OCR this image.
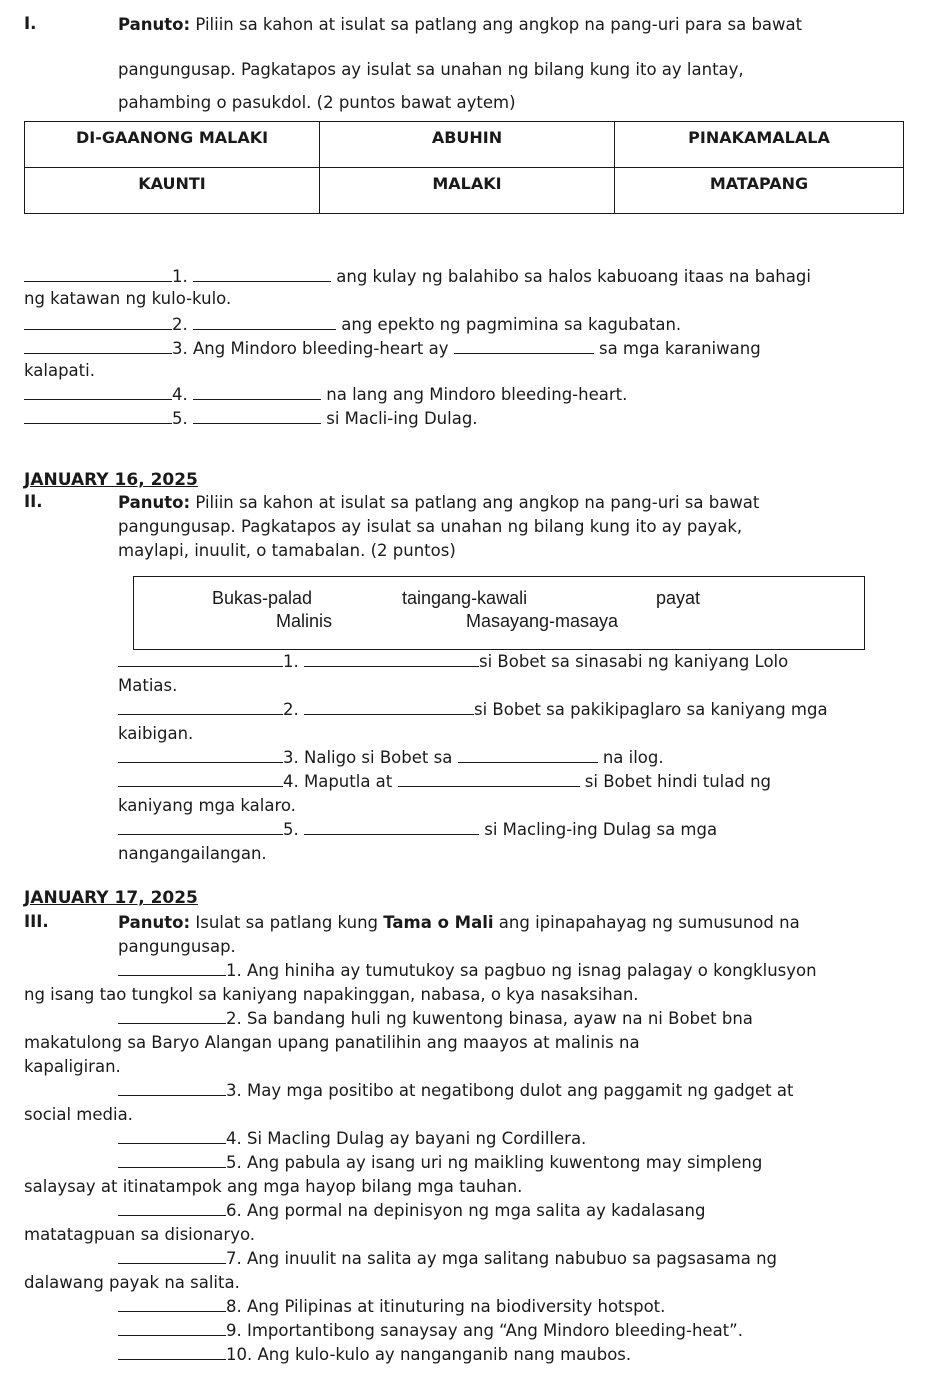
I.	Panuto: Piliin sa kahon at isulat sa patlang ang angkop na pang-uri para sa bawat
pangungusap. Pagkatapos ay isulat sa unahan ng bilang kung ito ay lantay,
pahambing o pasukdol. (2 puntos bawat aytem)
DI-GAANONG MALAKI	ABUHIN	PINAKAMALALA
KAUNTI	MALAKI	MATAPANG
1.	ang kulay ng balahibo sa halos kabuoang itaas na bahagi
ng katawan ng kulo-kulo.
2.	ang epekto ng pagmimina sa kagubatan.
3. Ang Mindoro bleeding-heart ay	sa mga karaniwang
kalapati.
4.	na lang ang Mindoro bleeding-heart.
5.	si Macli-ing Dulag.
JANUARY 16, 2025
II.	Panuto: Piliin sa kahon at isulat sa patlang ang angkop na pang-uri sa bawat
pangungusap. Pagkatapos ay isulat sa unahan ng bilang kung ito ay payak,
maylapi, inuulit, o tamabalan. (2 puntos)
Bukas-palad	taingang-kawali	payat
Malinis	Masayang-masaya
1.	si Bobet sa sinasabi ng kaniyang Lolo
Matias.
2.	si Bobet sa pakikipaglaro sa kaniyang mga
kaibigan.
3. Naligo si Bobet sa	na ilog.
4. Maputla at	si Bobet hindi tulad ng
kaniyang mga kalaro.
5.	si Macling-ing Dulag sa mga
nangangailangan.
JANUARY 17, 2025
III.	Panuto: Isulat sa patlang kung Tama o Mali ang ipinapahayag ng sumusunod na
pangungusap.
1. Ang hiniha ay tumutukoy sa pagbuo ng isnag palagay o kongklusyon
ng isang tao tungkol sa kaniyang napakinggan, nabasa, o kya nasaksihan.
2. Sa bandang huli ng kuwentong binasa, ayaw na ni Bobet bna
makatulong sa Baryo Alangan upang panatilihin ang maayos at malinis na
kapaligiran.
3. May mga positibo at negatibong dulot ang paggamit ng gadget at
social media.
4. Si Macling Dulag ay bayani ng Cordillera.
5. Ang pabula ay isang uri ng maikling kuwentong may simpleng
salaysay at itinatampok ang mga hayop bilang mga tauhan.
6. Ang pormal na depinisyon ng mga salita ay kadalasang
matatagpuan sa disionaryo.
7. Ang inuulit na salita ay mga salitang nabubuo sa pagsasama ng
dalawang payak na salita.
8. Ang Pilipinas at itinuturing na biodiversity hotspot.
9. Importantibong sanaysay ang “Ang Mindoro bleeding-heat”.
10. Ang kulo-kulo ay nanganganib nang maubos.
